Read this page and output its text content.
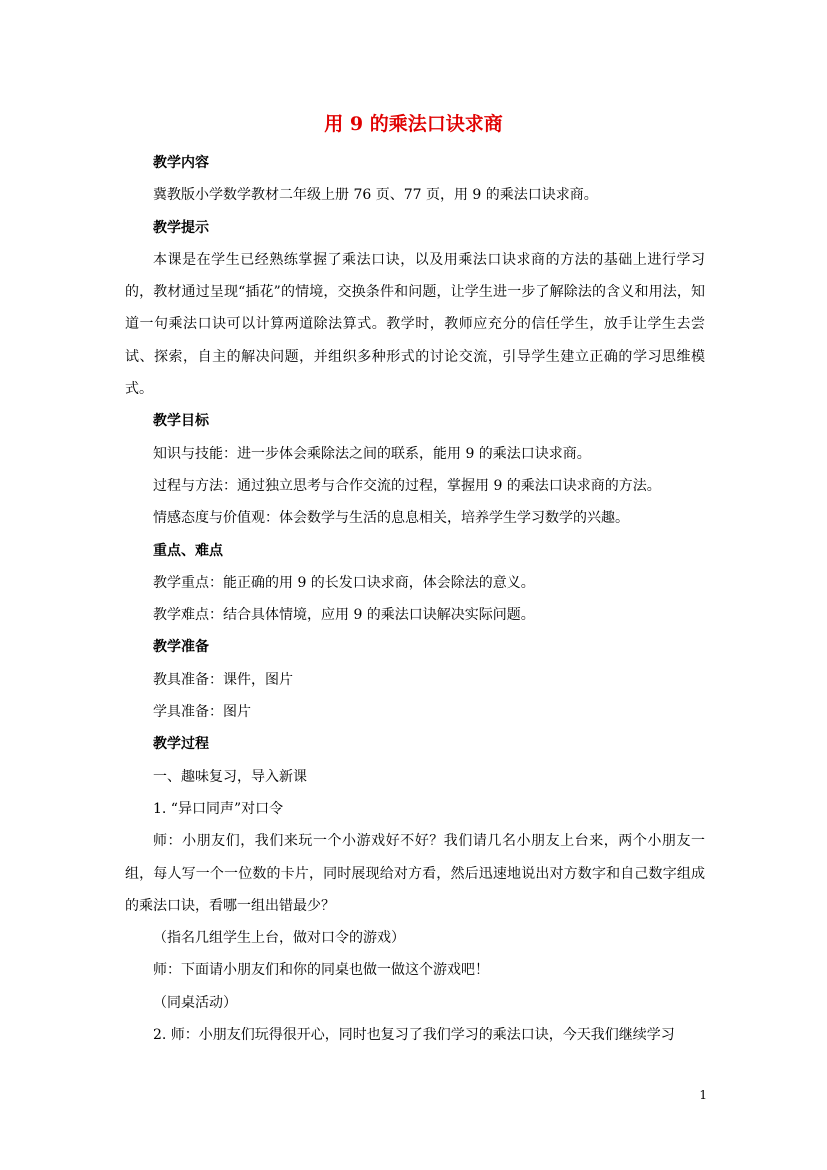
用 9 的乘法口诀求商
教学内容
冀教版小学数学教材二年级上册 76 页、77 页，用 9 的乘法口诀求商。
教学提示
本课是在学生已经熟练掌握了乘法口诀，以及用乘法口诀求商的方法的基础上进行学习的，教材通过呈现“插花”的情境，交换条件和问题，让学生进一步了解除法的含义和用法，知道一句乘法口诀可以计算两道除法算式。教学时，教师应充分的信任学生，放手让学生去尝试、探索，自主的解决问题，并组织多种形式的讨论交流，引导学生建立正确的学习思维模式。
教学目标
知识与技能：进一步体会乘除法之间的联系，能用 9 的乘法口诀求商。
过程与方法：通过独立思考与合作交流的过程，掌握用 9 的乘法口诀求商的方法。
情感态度与价值观：体会数学与生活的息息相关，培养学生学习数学的兴趣。
重点、难点
教学重点：能正确的用 9 的长发口诀求商，体会除法的意义。
教学难点：结合具体情境，应用 9 的乘法口诀解决实际问题。
教学准备
教具准备：课件，图片
学具准备：图片
教学过程
一、趣味复习，导入新课
1. “异口同声”对口令
师：小朋友们，我们来玩一个小游戏好不好？我们请几名小朋友上台来，两个小朋友一组，每人写一个一位数的卡片，同时展现给对方看，然后迅速地说出对方数字和自己数字组成的乘法口诀，看哪一组出错最少？
（指名几组学生上台，做对口令的游戏）
师：下面请小朋友们和你的同桌也做一做这个游戏吧！
（同桌活动）
2. 师：小朋友们玩得很开心，同时也复习了我们学习的乘法口诀，今天我们继续学习
1
